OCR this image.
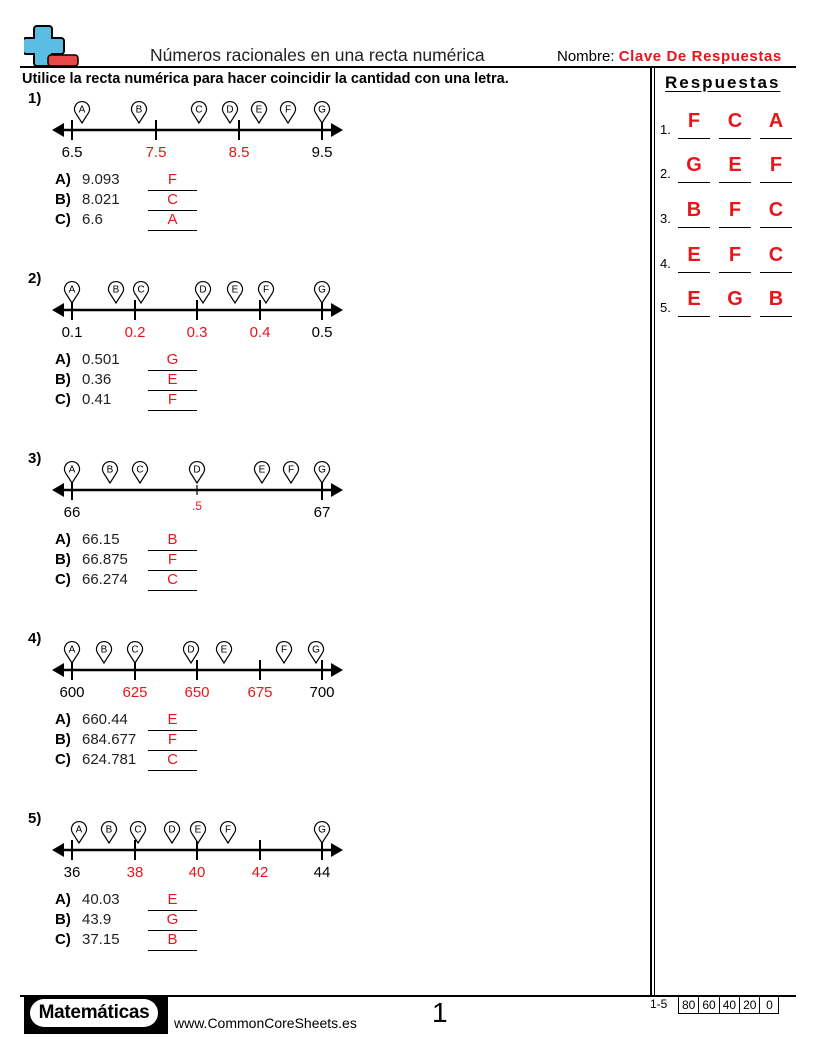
Números racionales en una recta numérica	Nombre: Clave De Respuestas
Utilice la recta numérica para hacer coincidir la cantidad con una letra.
1)
6.5	7.5	8.5	9.5
A	B	C D E F	G
A) 9.093	F
B) 8.021	C
C) 6.6	A
2)
0.1	0.2	0.3	0.4	0.5
A	B C	D	E F	G
A) 0.501	G
B) 0.36	E
C) 0.41	F
3)
66	.5	67
A	B C	D	E F G
A) 66.15	B
B) 66.875	F
C) 66.274	C
4)
600	625 650	675 700
A	B C	D	E	F	G
A) 660.44	E
B) 684.677	F
C) 624.781	C
5)
36	38	40	42	44
A B C	D E F	G
A) 40.03	E
B) 43.9	G
C) 37.15	B
Respuestas
1. F	C	A
2. G	E	F
3. B	F	C
4. E	F	C
5. E	G	B
Matemáticas	www.CommonCoreSheets.es	1	1-5 80	60	40	20	0
